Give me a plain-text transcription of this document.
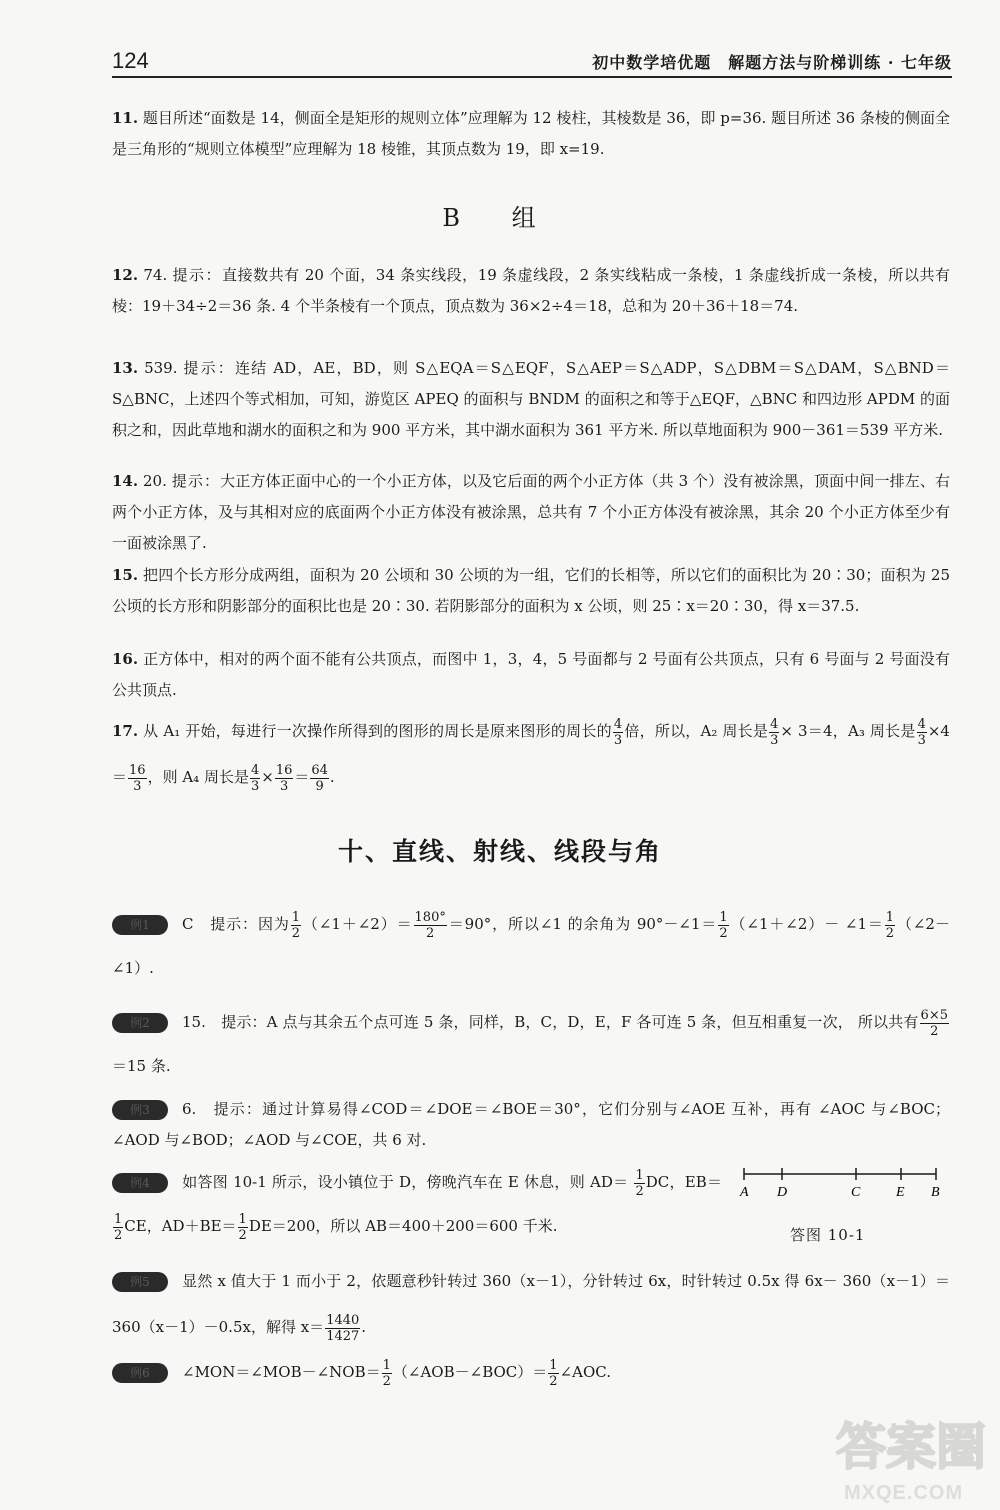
124	初中数学培优题　解题方法与阶梯训练 · 七年级
11. 题目所述“面数是 14，侧面全是矩形的规则立体”应理解为 12 棱柱，其棱数是 36，即 p=36. 题目所述 36 条棱的侧面全是三角形的“规则立体模型”应理解为 18 棱锥，其顶点数为 19，即 x=19.
B 组
12. 74. 提示：直接数共有 20 个面，34 条实线段，19 条虚线段，2 条实线粘成一条棱，1 条虚线折成一条棱，所以共有棱：19＋34÷2＝36 条. 4 个半条棱有一个顶点，顶点数为 36×2÷4＝18，总和为 20＋36＋18＝74.
13. 539. 提示：连结 AD，AE，BD，则 S△EQA＝S△EQF，S△AEP＝S△ADP，S△DBM＝S△DAM，S△BND＝S△BNC，上述四个等式相加，可知，游览区 APEQ 的面积与 BNDM 的面积之和等于△EQF，△BNC 和四边形 APDM 的面积之和，因此草地和湖水的面积之和为 900 平方米，其中湖水面积为 361 平方米. 所以草地面积为 900－361＝539 平方米.
14. 20. 提示：大正方体正面中心的一个小正方体，以及它后面的两个小正方体（共 3 个）没有被涂黑，顶面中间一排左、右两个小正方体，及与其相对应的底面两个小正方体没有被涂黑，总共有 7 个小正方体没有被涂黑，其余 20 个小正方体至少有一面被涂黑了.
15. 把四个长方形分成两组，面积为 20 公顷和 30 公顷的为一组，它们的长相等，所以它们的面积比为 20∶30；面积为 25 公顷的长方形和阴影部分的面积比也是 20∶30. 若阴影部分的面积为 x 公顷，则 25∶x＝20∶30，得 x＝37.5.
16. 正方体中，相对的两个面不能有公共顶点，而图中 1，3，4，5 号面都与 2 号面有公共顶点，只有 6 号面与 2 号面没有公共顶点.
17. 从 A₁ 开始，每进行一次操作所得到的图形的周长是原来图形的周长的 $\frac{4}{3}$ 倍，所以，A₂ 周长是 $\frac{4}{3} \times 3=4$，A₃ 周长是 $\frac{4}{3} \times 4= \frac{16}{3}$ ，则 A₄ 周长是 $\frac{4}{3} \times \frac{16}{3} = \frac{64}{9}$ .
十、直线、射线、线段与角
例1 C　提示：因为 $\frac{1}{2}$ （∠1＋∠2）＝ $\frac{180^\circ}{2} =90^\circ$，所以∠1 的余角为 90°－∠1＝ $\frac{1}{2}$ （∠1＋∠2）－ ∠1＝ $\frac{1}{2}$ （∠2－∠1）.
例2 15.　提示：A 点与其余五个点可连 5 条，同样，B，C，D，E，F 各可连 5 条，但互相重复一次， 所以共有 $\frac{6\times 5}{2}$
＝15 条.
例3 6.　提示：通过计算易得∠COD＝∠DOE＝∠BOE＝30°，它们分别与∠AOE 互补，再有 ∠AOC 与∠BOC；∠AOD 与∠BOD；∠AOD 与∠COE，共 6 对.
例4 如答图 10-1 所示，设小镇位于 D，傍晚汽车在 E 休息，则 $AD= \frac{1}{2}$ DC，EB＝
$\frac{1}{2}$ CE，$AD+BE= \frac{1}{2} DE=200$，所以 AB＝400＋200＝600 千米.
A D	C	E B
答图 10-1
例5 显然 x 值大于 1 而小于 2，依题意秒针转过 360（x－1），分针转过 6x，时针转过 0.5x 得 6x－ 360（x－1）＝360（x－1）－0.5x，解得 $x= \frac{1440}{1427}$ .
例6 ∠MON＝∠MOB－∠NOB＝ $\frac{1}{2}$ （∠AOB－∠BOC）＝ $\frac{1}{2}$ ∠AOC.
答案圈
MXQE.COM
